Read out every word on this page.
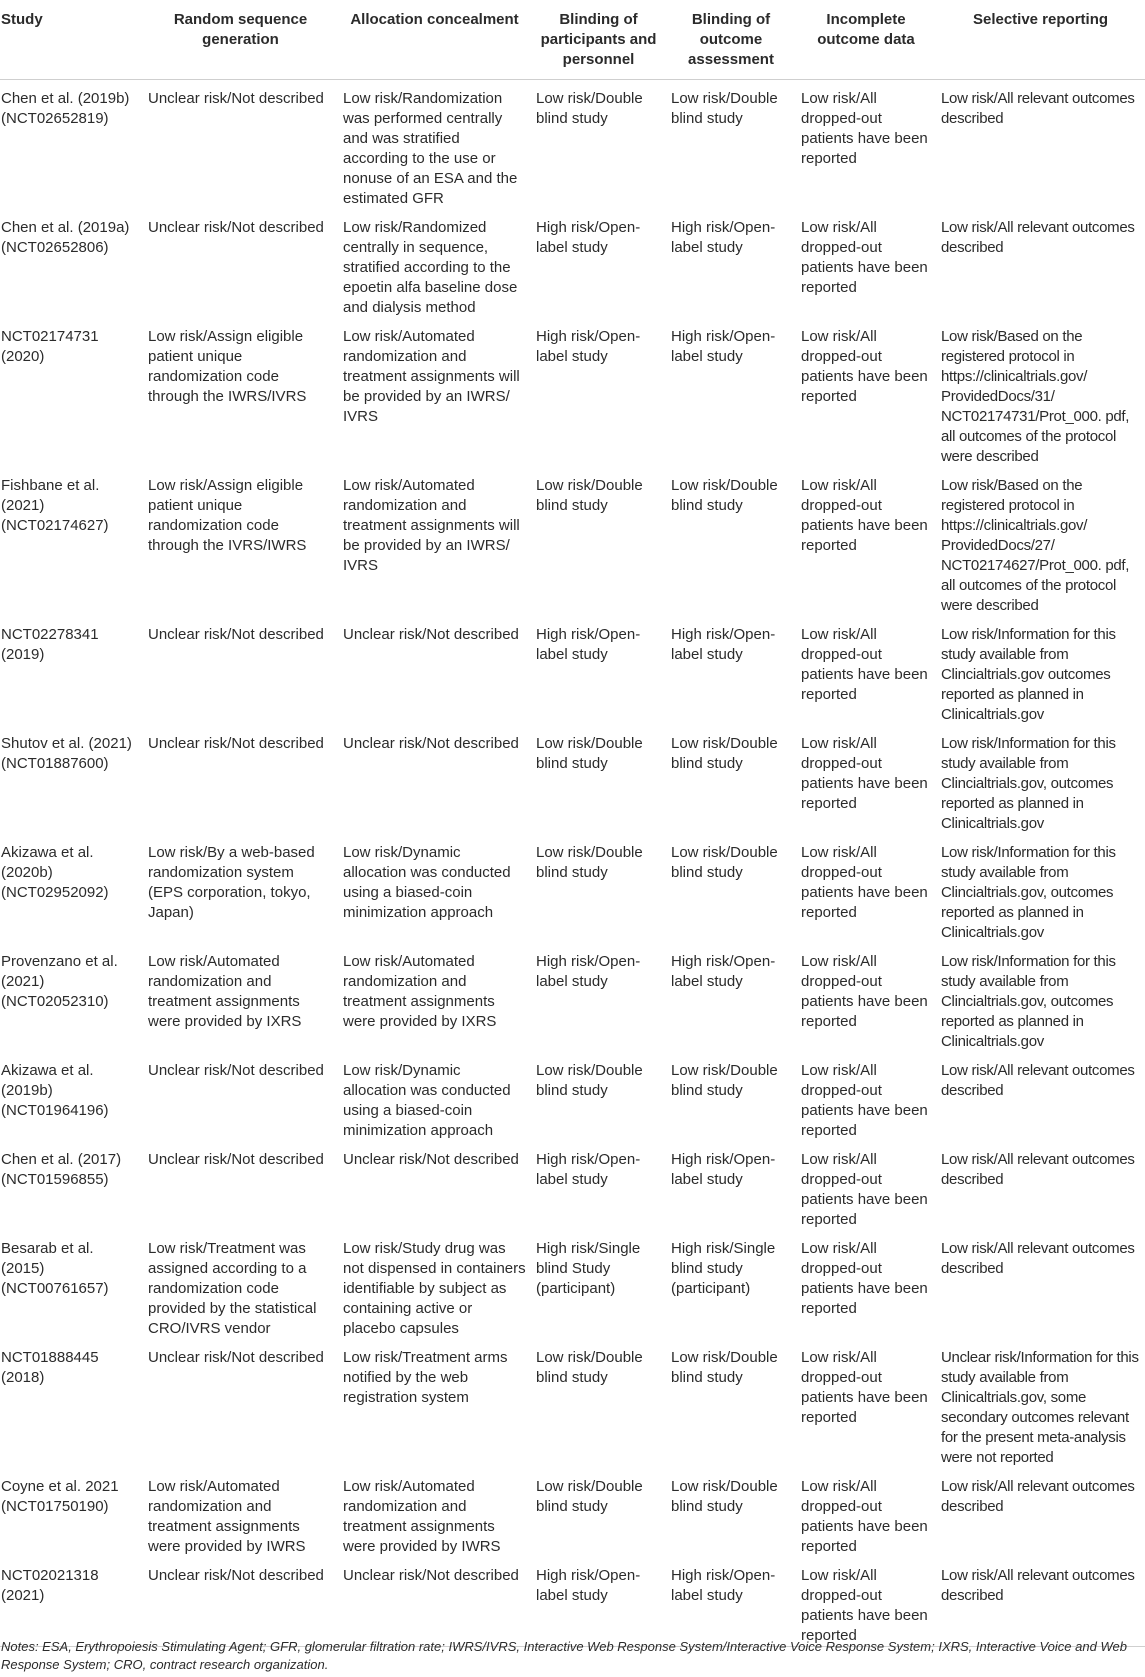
Study	Random sequence generation	Allocation concealment	Blinding of participants and personnel	Blinding of outcome assessment	Incomplete outcome data	Selective reporting
Chen et al. (2019b) (NCT02652819)	Unclear risk/Not described	Low risk/Randomization was performed centrally and was stratified according to the use or nonuse of an ESA and the estimated GFR	Low risk/Double blind study	Low risk/Double blind study	Low risk/All dropped-out patients have been reported	Low risk/All relevant outcomes described
Chen et al. (2019a) (NCT02652806)	Unclear risk/Not described	Low risk/Randomized centrally in sequence, stratified according to the epoetin alfa baseline dose and dialysis method	High risk/Open-label study	High risk/Open-label study	Low risk/All dropped-out patients have been reported	Low risk/All relevant outcomes described
NCT02174731 (2020)	Low risk/Assign eligible patient unique randomization code through the IWRS/IVRS	Low risk/Automated randomization and treatment assignments will be provided by an IWRS/ IVRS	High risk/Open-label study	High risk/Open-label study	Low risk/All dropped-out patients have been reported	Low risk/Based on the registered protocol in https://clinicaltrials.gov/ ProvidedDocs/31/ NCT02174731/Prot_000. pdf, all outcomes of the protocol were described
Fishbane et al. (2021) (NCT02174627)	Low risk/Assign eligible patient unique randomization code through the IVRS/IWRS	Low risk/Automated randomization and treatment assignments will be provided by an IWRS/ IVRS	Low risk/Double blind study	Low risk/Double blind study	Low risk/All dropped-out patients have been reported	Low risk/Based on the registered protocol in https://clinicaltrials.gov/ ProvidedDocs/27/ NCT02174627/Prot_000. pdf, all outcomes of the protocol were described
NCT02278341 (2019)	Unclear risk/Not described	Unclear risk/Not described	High risk/Open-label study	High risk/Open-label study	Low risk/All dropped-out patients have been reported	Low risk/Information for this study available from Clincialtrials.gov outcomes reported as planned in Clinicaltrials.gov
Shutov et al. (2021) (NCT01887600)	Unclear risk/Not described	Unclear risk/Not described	Low risk/Double blind study	Low risk/Double blind study	Low risk/All dropped-out patients have been reported	Low risk/Information for this study available from Clincialtrials.gov, outcomes reported as planned in Clinicaltrials.gov
Akizawa et al. (2020b) (NCT02952092)	Low risk/By a web-based randomization system (EPS corporation, tokyo, Japan)	Low risk/Dynamic allocation was conducted using a biased-coin minimization approach	Low risk/Double blind study	Low risk/Double blind study	Low risk/All dropped-out patients have been reported	Low risk/Information for this study available from Clincialtrials.gov, outcomes reported as planned in Clinicaltrials.gov
Provenzano et al. (2021) (NCT02052310)	Low risk/Automated randomization and treatment assignments were provided by IXRS	Low risk/Automated randomization and treatment assignments were provided by IXRS	High risk/Open-label study	High risk/Open-label study	Low risk/All dropped-out patients have been reported	Low risk/Information for this study available from Clincialtrials.gov, outcomes reported as planned in Clinicaltrials.gov
Akizawa et al. (2019b) (NCT01964196)	Unclear risk/Not described	Low risk/Dynamic allocation was conducted using a biased-coin minimization approach	Low risk/Double blind study	Low risk/Double blind study	Low risk/All dropped-out patients have been reported	Low risk/All relevant outcomes described
Chen et al. (2017) (NCT01596855)	Unclear risk/Not described	Unclear risk/Not described	High risk/Open-label study	High risk/Open-label study	Low risk/All dropped-out patients have been reported	Low risk/All relevant outcomes described
Besarab et al. (2015) (NCT00761657)	Low risk/Treatment was assigned according to a randomization code provided by the statistical CRO/IVRS vendor	Low risk/Study drug was not dispensed in containers identifiable by subject as containing active or placebo capsules	High risk/Single blind Study (participant)	High risk/Single blind study (participant)	Low risk/All dropped-out patients have been reported	Low risk/All relevant outcomes described
NCT01888445 (2018)	Unclear risk/Not described	Low risk/Treatment arms notified by the web registration system	Low risk/Double blind study	Low risk/Double blind study	Low risk/All dropped-out patients have been reported	Unclear risk/Information for this study available from Clinicaltrials.gov, some secondary outcomes relevant for the present meta-analysis were not reported
Coyne et al. 2021 (NCT01750190)	Low risk/Automated randomization and treatment assignments were provided by IWRS	Low risk/Automated randomization and treatment assignments were provided by IWRS	Low risk/Double blind study	Low risk/Double blind study	Low risk/All dropped-out patients have been reported	Low risk/All relevant outcomes described
NCT02021318 (2021)	Unclear risk/Not described	Unclear risk/Not described	High risk/Open-label study	High risk/Open-label study	Low risk/All dropped-out patients have been reported	Low risk/All relevant outcomes described
Notes: ESA, Erythropoiesis Stimulating Agent; GFR, glomerular filtration rate; IWRS/IVRS, Interactive Web Response System/Interactive Voice Response System; IXRS, Interactive Voice and Web Response System; CRO, contract research organization.
